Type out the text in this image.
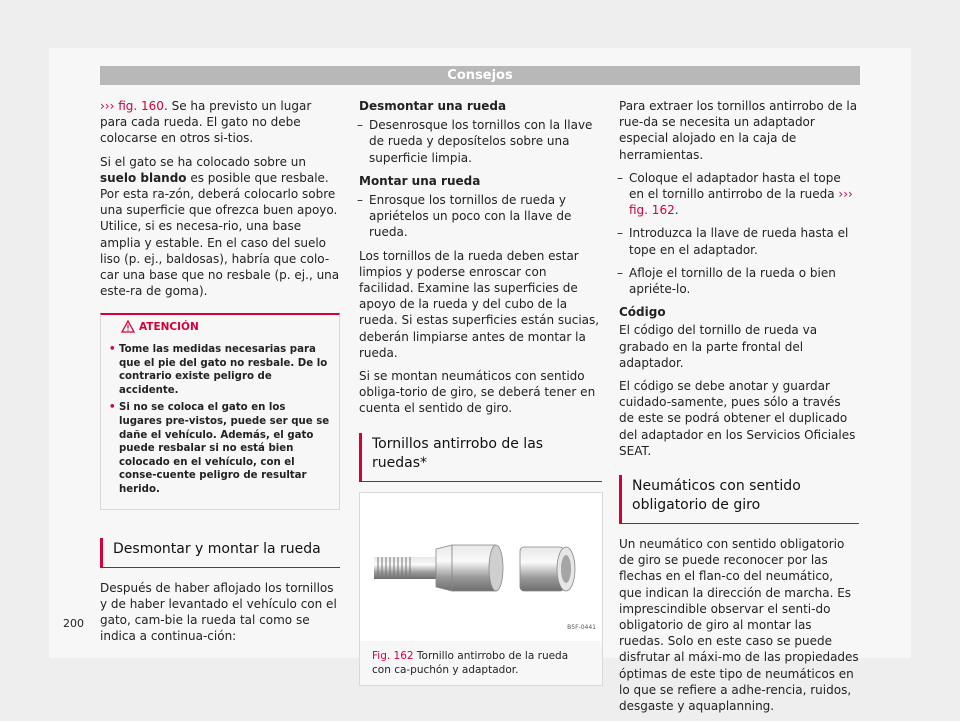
Consejos

››› fig. 160. Se ha previsto un lugar para cada rueda. El gato no debe colocarse en otros si-tios.

Si el gato se ha colocado sobre un suelo blando es posible que resbale. Por esta ra-zón, deberá colocarlo sobre una superficie que ofrezca buen apoyo. Utilice, si es necesa-rio, una base amplia y estable. En el caso del suelo liso (p. ej., baldosas), habría que colo-car una base que no resbale (p. ej., una este-ra de goma).

ATENCIÓN
• Tome las medidas necesarias para que el pie del gato no resbale. De lo contrario existe peligro de accidente.
• Si no se coloca el gato en los lugares pre-vistos, puede ser que se dañe el vehículo. Además, el gato puede resbalar si no está bien colocado en el vehículo, con el conse-cuente peligro de resultar herido.
Desmontar y montar la rueda

Después de haber aflojado los tornillos y de haber levantado el vehículo con el gato, cam-bie la rueda tal como se indica a continua-ción:

Desmontar una rueda

– Desenrosque los tornillos con la llave de rueda y deposítelos sobre una superficie limpia.

Montar una rueda

– Enrosque los tornillos de rueda y apriételos un poco con la llave de rueda.

Los tornillos de la rueda deben estar limpios y poderse enroscar con facilidad. Examine las superficies de apoyo de la rueda y del cubo de la rueda. Si estas superficies están sucias, deberán limpiarse antes de montar la rueda.

Si se montan neumáticos con sentido obliga-torio de giro, se deberá tener en cuenta el sentido de giro.

Tornillos antirrobo de las ruedas*
B5F-0441
Fig. 162 Tornillo antirrobo de la rueda con ca-puchón y adaptador.

Para extraer los tornillos antirrobo de la rue-da se necesita un adaptador especial alojado en la caja de herramientas.

– Coloque el adaptador hasta el tope en el tornillo antirrobo de la rueda ››› fig. 162.
– Introduzca la llave de rueda hasta el tope en el adaptador.
– Afloje el tornillo de la rueda o bien apriéte-lo.

Código

El código del tornillo de rueda va grabado en la parte frontal del adaptador.

El código se debe anotar y guardar cuidado-samente, pues sólo a través de este se podrá obtener el duplicado del adaptador en los Servicios Oficiales SEAT.

Neumáticos con sentido obligatorio de giro

Un neumático con sentido obligatorio de giro se puede reconocer por las flechas en el flan-co del neumático, que indican la dirección de marcha. Es imprescindible observar el senti-do obligatorio de giro al montar las ruedas. Solo en este caso se puede disfrutar al máxi-mo de las propiedades óptimas de este tipo de neumáticos en lo que se refiere a adhe-rencia, ruidos, desgaste y aquaplanning.

200
